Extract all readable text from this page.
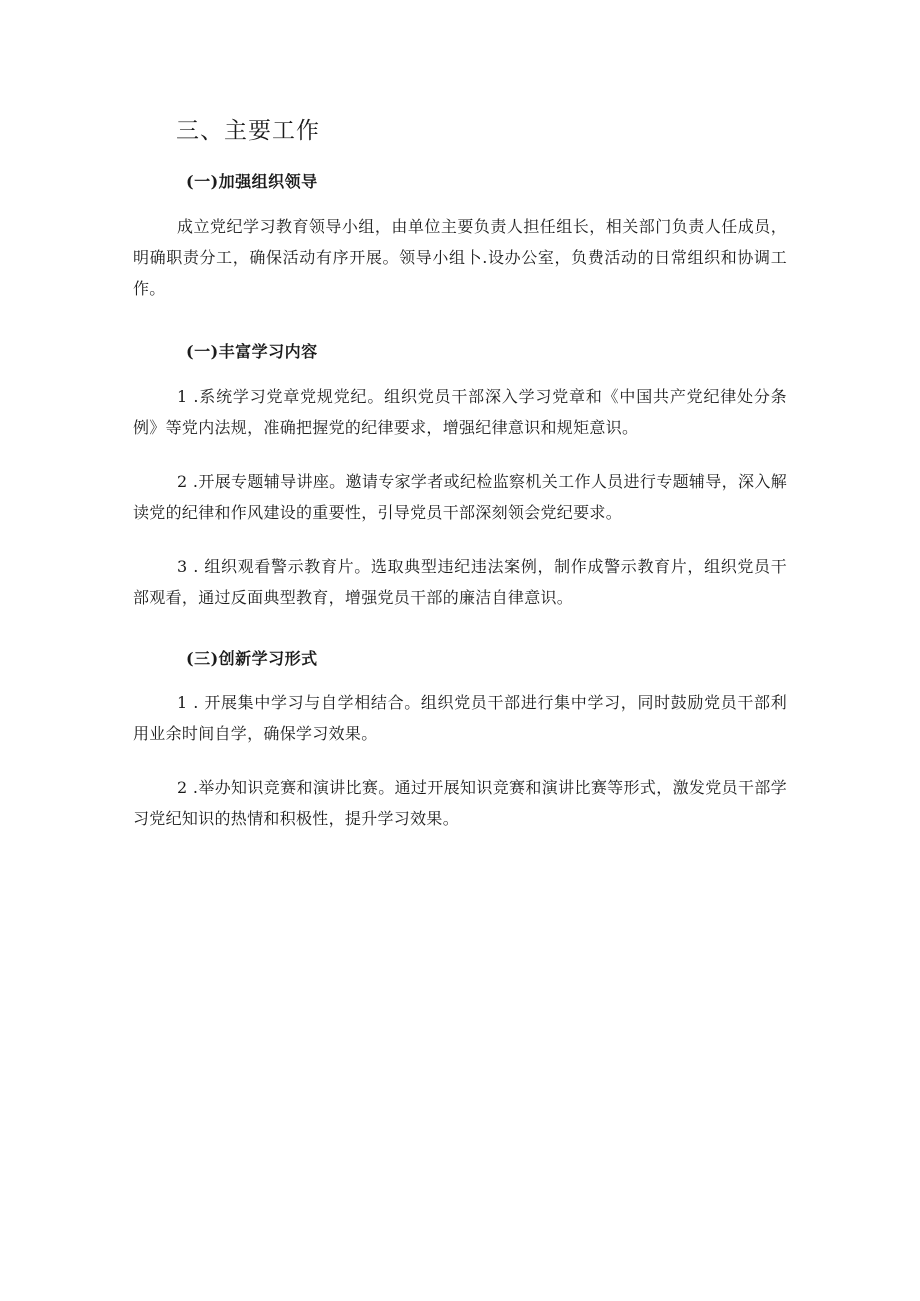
三、主要工作
(一)加强组织领导

成立党纪学习教育领导小组，由单位主要负责人担任组长，相关部门负责人任成员，明确职责分工，确保活动有序开展。领导小组卜.设办公室，负费活动的日常组织和协调工作。

(一)丰富学习内容

1 .系统学习党章党规党纪。组织党员干部深入学习党章和《中国共产党纪律处分条例》等党内法规，准确把握党的纪律要求，增强纪律意识和规矩意识。

2 .开展专题辅导讲座。邀请专家学者或纪检监察机关工作人员进行专题辅导，深入解读党的纪律和作风建设的重要性，引导党员干部深刻领会党纪要求。

3 . 组织观看警示教育片。选取典型违纪违法案例，制作成警示教育片，组织党员干部观看，通过反面典型教育，增强党员干部的廉洁自律意识。

(三)创新学习形式

1 . 开展集中学习与自学相结合。组织党员干部进行集中学习，同时鼓励党员干部利用业余时间自学，确保学习效果。

2 .举办知识竞赛和演讲比赛。通过开展知识竞赛和演讲比赛等形式，激发党员干部学习党纪知识的热情和积极性，提升学习效果。
